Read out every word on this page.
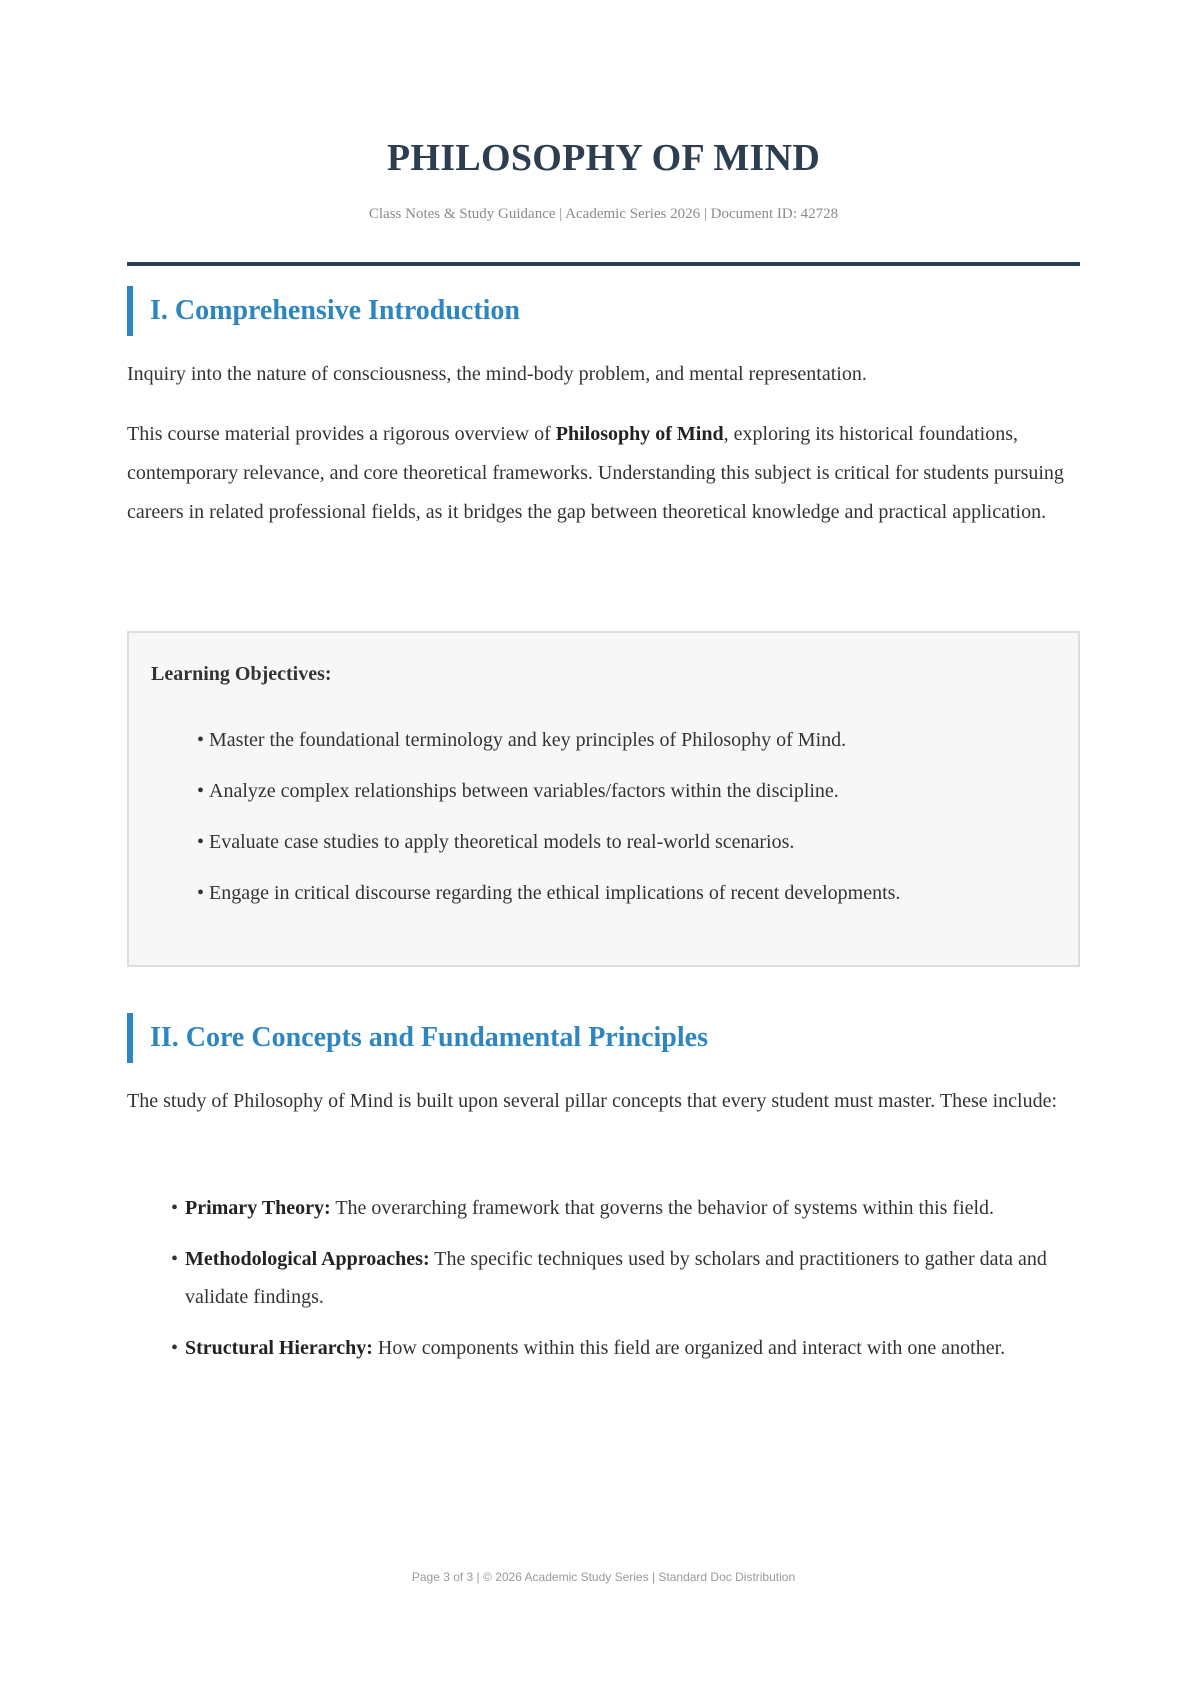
PHILOSOPHY OF MIND
Class Notes & Study Guidance | Academic Series 2026 | Document ID: 42728
I. Comprehensive Introduction

Inquiry into the nature of consciousness, the mind-body problem, and mental representation.

This course material provides a rigorous overview of Philosophy of Mind, exploring its historical foundations, contemporary relevance, and core theoretical frameworks. Understanding this subject is critical for students pursuing careers in related professional fields, as it bridges the gap between theoretical knowledge and practical application.

Learning Objectives:
• Master the foundational terminology and key principles of Philosophy of Mind.
• Analyze complex relationships between variables/factors within the discipline.
• Evaluate case studies to apply theoretical models to real-world scenarios.
• Engage in critical discourse regarding the ethical implications of recent developments.
II. Core Concepts and Fundamental Principles

The study of Philosophy of Mind is built upon several pillar concepts that every student must master. These include:

• Primary Theory: The overarching framework that governs the behavior of systems within this field.
• Methodological Approaches: The specific techniques used by scholars and practitioners to gather data and validate findings.
• Structural Hierarchy: How components within this field are organized and interact with one another.
Page 3 of 3 | © 2026 Academic Study Series | Standard Doc Distribution
